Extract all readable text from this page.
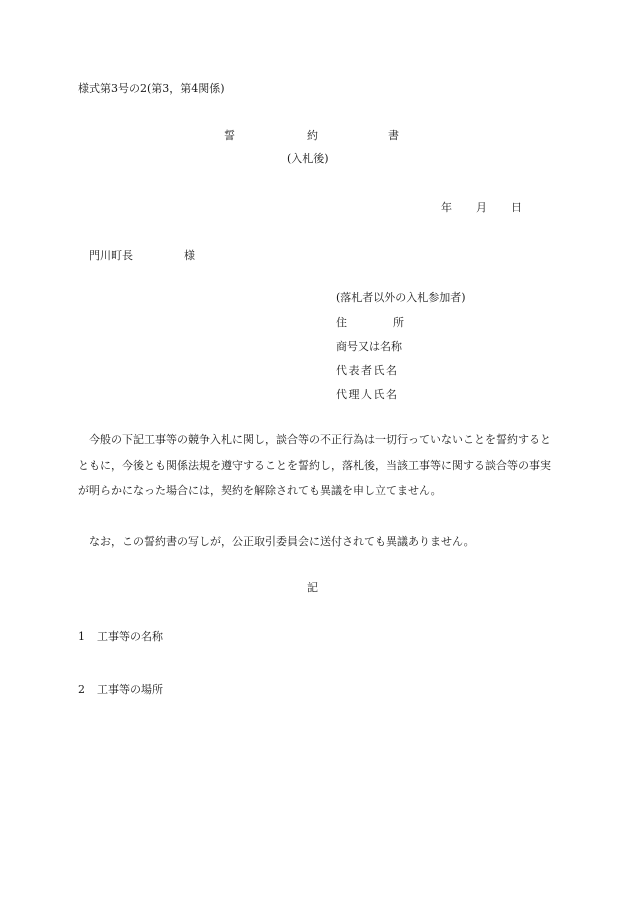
様式第3号の2(第3，第4関係)
誓	約	書
(入札後)
年 月 日
門川町長	様
(落札者以外の入札参加者)
住	所
商号又は名称
代表者氏名
代理人氏名
今般の下記工事等の競争入札に関し，談合等の不正行為は一切行っていないことを誓約するとともに，今後とも関係法規を遵守することを誓約し，落札後，当該工事等に関する談合等の事実が明らかになった場合には，契約を解除されても異議を申し立てません。
なお，この誓約書の写しが，公正取引委員会に送付されても異議ありません。
記
1 工事等の名称
2 工事等の場所
